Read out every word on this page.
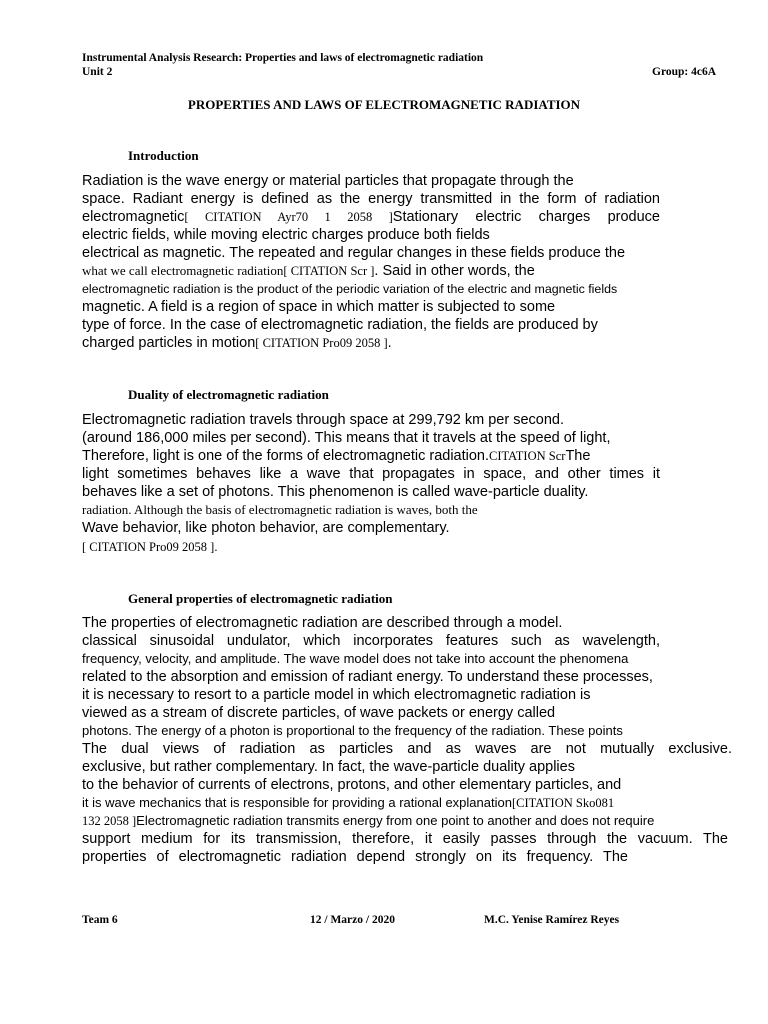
Instrumental Analysis Research: Properties and laws of electromagnetic radiation
Unit 2	Group: 4c6A
PROPERTIES AND LAWS OF ELECTROMAGNETIC RADIATION
Introduction
Radiation is the wave energy or material particles that propagate through the
space. Radiant energy is defined as the energy transmitted in the form of radiation
electromagnetic[ CITATION Ayr70 1 2058 ]Stationary electric charges produce
electric fields, while moving electric charges produce both fields
electrical as magnetic. The repeated and regular changes in these fields produce the
what we call electromagnetic radiation[ CITATION Scr ]. Said in other words, the
electromagnetic radiation is the product of the periodic variation of the electric and magnetic fields
magnetic. A field is a region of space in which matter is subjected to some
type of force. In the case of electromagnetic radiation, the fields are produced by
charged particles in motion[ CITATION Pro09 2058 ].
Duality of electromagnetic radiation
Electromagnetic radiation travels through space at 299,792 km per second.
(around 186,000 miles per second). This means that it travels at the speed of light,
Therefore, light is one of the forms of electromagnetic radiation.CITATION ScrThe
light sometimes behaves like a wave that propagates in space, and other times it
behaves like a set of photons. This phenomenon is called wave-particle duality.
radiation. Although the basis of electromagnetic radiation is waves, both the
Wave behavior, like photon behavior, are complementary.
[ CITATION Pro09 2058 ].
General properties of electromagnetic radiation
The properties of electromagnetic radiation are described through a model.
classical sinusoidal undulator, which incorporates features such as wavelength,
frequency, velocity, and amplitude. The wave model does not take into account the phenomena
related to the absorption and emission of radiant energy. To understand these processes,
it is necessary to resort to a particle model in which electromagnetic radiation is
viewed as a stream of discrete particles, of wave packets or energy called
photons. The energy of a photon is proportional to the frequency of the radiation. These points
The dual views of radiation as particles and as waves are not mutually exclusive.
exclusive, but rather complementary. In fact, the wave-particle duality applies
to the behavior of currents of electrons, protons, and other elementary particles, and
it is wave mechanics that is responsible for providing a rational explanation[CITATION Sko081
132 2058 ]Electromagnetic radiation transmits energy from one point to another and does not require
support medium for its transmission, therefore, it easily passes through the vacuum. The
properties of electromagnetic radiation depend strongly on its frequency. The
Team 6	12 / Marzo / 2020	M.C. Yenise Ramírez Reyes
